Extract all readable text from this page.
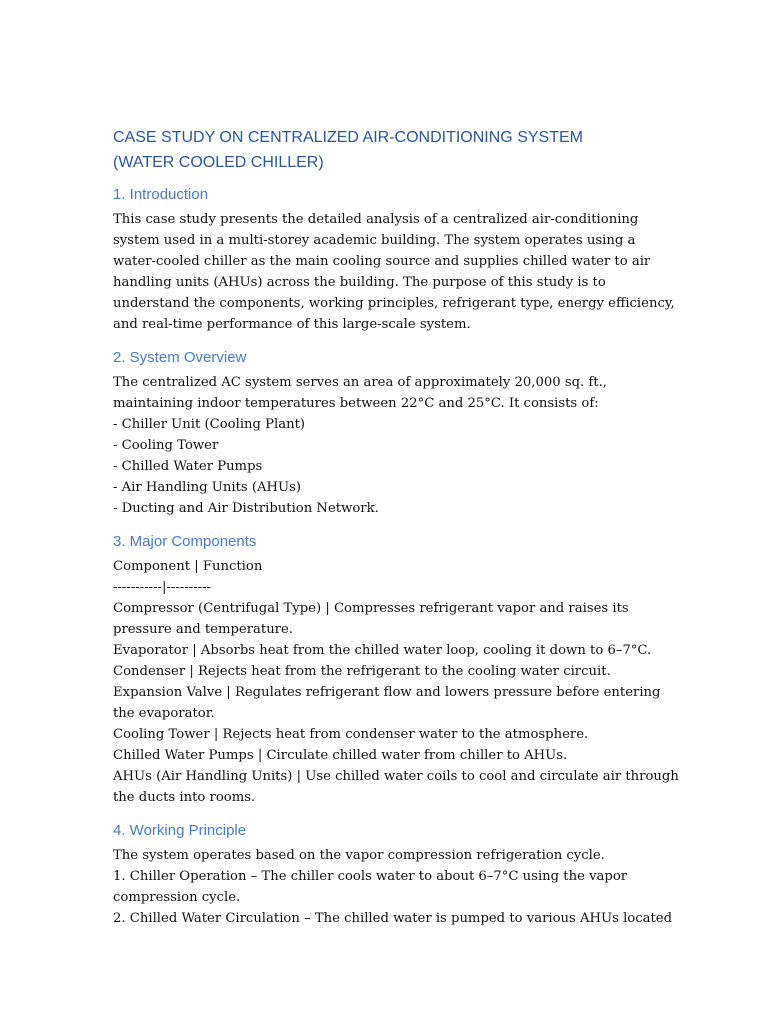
CASE STUDY ON CENTRALIZED AIR-CONDITIONING SYSTEM (WATER COOLED CHILLER)
1. Introduction

This case study presents the detailed analysis of a centralized air-conditioning
system used in a multi-storey academic building. The system operates using a
water-cooled chiller as the main cooling source and supplies chilled water to air
handling units (AHUs) across the building. The purpose of this study is to
understand the components, working principles, refrigerant type, energy efficiency,
and real-time performance of this large-scale system.

2. System Overview

The centralized AC system serves an area of approximately 20,000 sq. ft.,
maintaining indoor temperatures between 22°C and 25°C. It consists of:
- Chiller Unit (Cooling Plant)
- Cooling Tower
- Chilled Water Pumps
- Air Handling Units (AHUs)
- Ducting and Air Distribution Network.

3. Major Components

Component | Function
-----------|----------
Compressor (Centrifugal Type) | Compresses refrigerant vapor and raises its
pressure and temperature.
Evaporator | Absorbs heat from the chilled water loop, cooling it down to 6–7°C.
Condenser | Rejects heat from the refrigerant to the cooling water circuit.
Expansion Valve | Regulates refrigerant flow and lowers pressure before entering
the evaporator.
Cooling Tower | Rejects heat from condenser water to the atmosphere.
Chilled Water Pumps | Circulate chilled water from chiller to AHUs.
AHUs (Air Handling Units) | Use chilled water coils to cool and circulate air through
the ducts into rooms.

4. Working Principle

The system operates based on the vapor compression refrigeration cycle.
1. Chiller Operation – The chiller cools water to about 6–7°C using the vapor
compression cycle.
2. Chilled Water Circulation – The chilled water is pumped to various AHUs located
